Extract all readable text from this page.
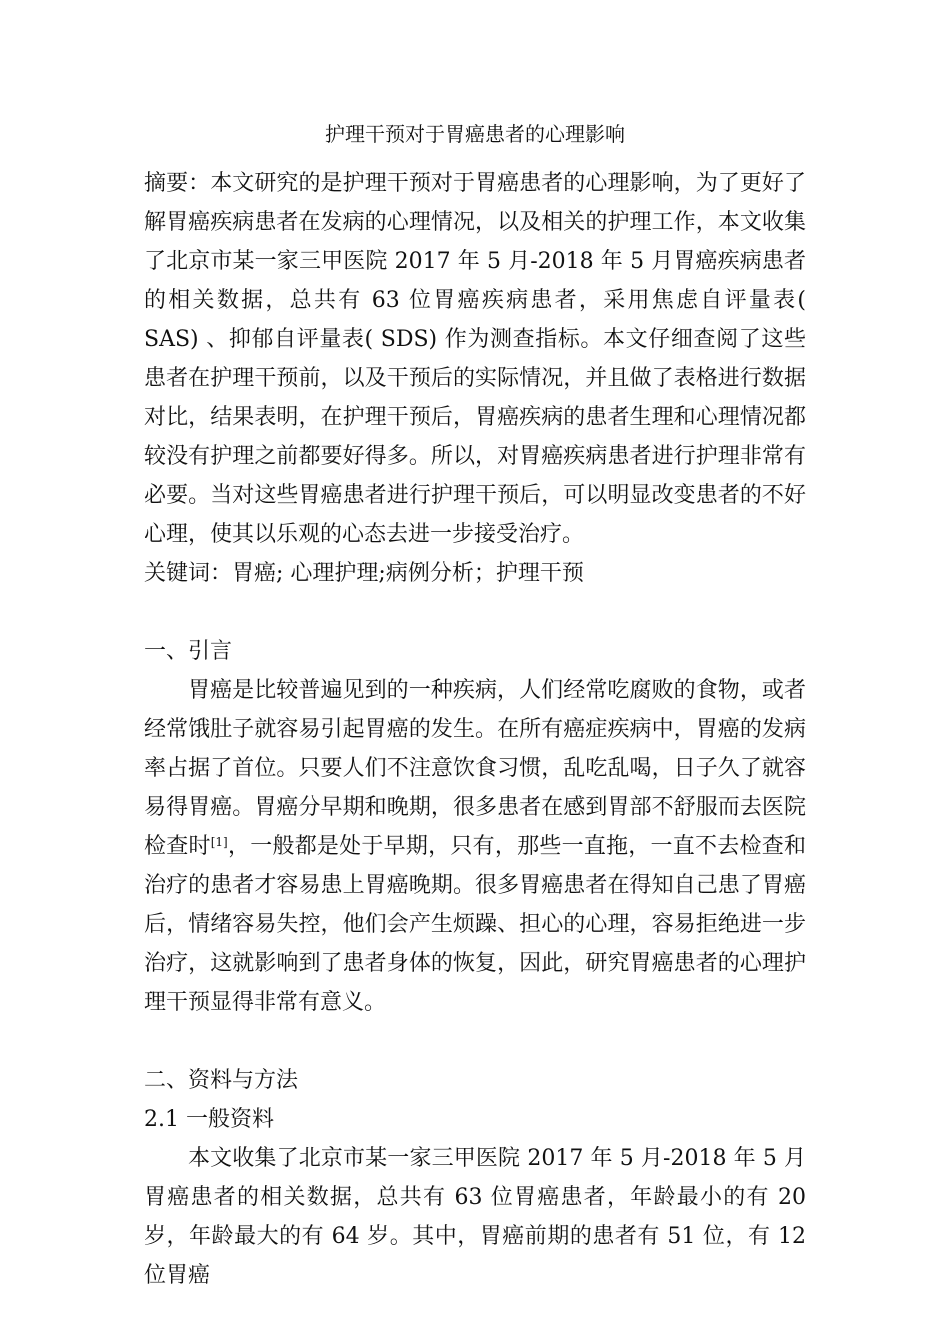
护理干预对于胃癌患者的心理影响

摘要：本文研究的是护理干预对于胃癌患者的心理影响，为了更好了解胃癌疾病患者在发病的心理情况，以及相关的护理工作，本文收集了北京市某一家三甲医院 2017 年 5 月-2018 年 5 月胃癌疾病患者的相关数据，总共有 63 位胃癌疾病患者，采用焦虑自评量表( SAS) 、抑郁自评量表( SDS) 作为测查指标。本文仔细查阅了这些患者在护理干预前，以及干预后的实际情况，并且做了表格进行数据对比，结果表明，在护理干预后，胃癌疾病的患者生理和心理情况都较没有护理之前都要好得多。所以，对胃癌疾病患者进行护理非常有必要。当对这些胃癌患者进行护理干预后，可以明显改变患者的不好心理，使其以乐观的心态去进一步接受治疗。

关键词：胃癌; 心理护理;病例分析；护理干预

一、引言

胃癌是比较普遍见到的一种疾病，人们经常吃腐败的食物，或者经常饿肚子就容易引起胃癌的发生。在所有癌症疾病中，胃癌的发病率占据了首位。只要人们不注意饮食习惯，乱吃乱喝，日子久了就容易得胃癌。胃癌分早期和晚期，很多患者在感到胃部不舒服而去医院检查时[1]，一般都是处于早期，只有，那些一直拖，一直不去检查和治疗的患者才容易患上胃癌晚期。很多胃癌患者在得知自己患了胃癌后，情绪容易失控，他们会产生烦躁、担心的心理，容易拒绝进一步治疗，这就影响到了患者身体的恢复，因此，研究胃癌患者的心理护理干预显得非常有意义。

二、资料与方法
2.1 一般资料

本文收集了北京市某一家三甲医院 2017 年 5 月-2018 年 5 月胃癌患者的相关数据，总共有 63 位胃癌患者，年龄最小的有 20 岁，年龄最大的有 64 岁。其中，胃癌前期的患者有 51 位，有 12 位胃癌
